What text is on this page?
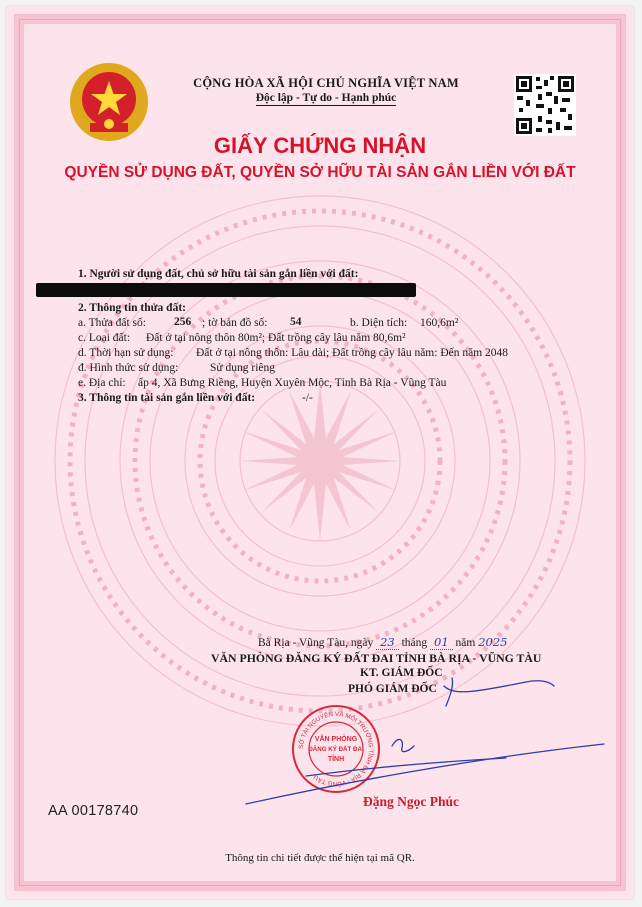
CỘNG HÒA XÃ HỘI CHỦ NGHĨA VIỆT NAM
Độc lập - Tự do - Hạnh phúc
GIẤY CHỨNG NHẬN
QUYỀN SỬ DỤNG ĐẤT, QUYỀN SỞ HỮU TÀI SẢN GẮN LIỀN VỚI ĐẤT
1. Người sử dụng đất, chủ sở hữu tài sản gắn liền với đất:
2. Thông tin thửa đất:
a. Thửa đất số: 256 ; tờ bản đồ số: 54	b. Diện tích: 160,6m²
c. Loại đất: Đất ở tại nông thôn 80m²; Đất trồng cây lâu năm 80,6m²
d. Thời hạn sử dụng: Đất ở tại nông thôn: Lâu dài; Đất trồng cây lâu năm: Đến năm 2048
đ. Hình thức sử dụng:	Sử dụng riêng
e. Địa chỉ: ấp 4, Xã Bưng Riềng, Huyện Xuyên Mộc, Tỉnh Bà Rịa - Vũng Tàu
3. Thông tin tài sản gắn liền với đất:	-/-
Bà Rịa - Vũng Tàu, ngày 23 tháng 01 năm 2025
VĂN PHÒNG ĐĂNG KÝ ĐẤT ĐAI TỈNH BÀ RỊA - VŨNG TÀU
KT. GIÁM ĐỐC
PHÓ GIÁM ĐỐC
SỞ TÀI NGUYÊN VÀ MÔI TRƯỜNG TỈNH BÀ RỊA - VŨNG TÀU
VĂN PHÒNG
ĐĂNG KÝ ĐẤT ĐAI
TỈNH
AA 00178740
Đặng Ngọc Phúc
Thông tin chi tiết được thể hiện tại mã QR.
